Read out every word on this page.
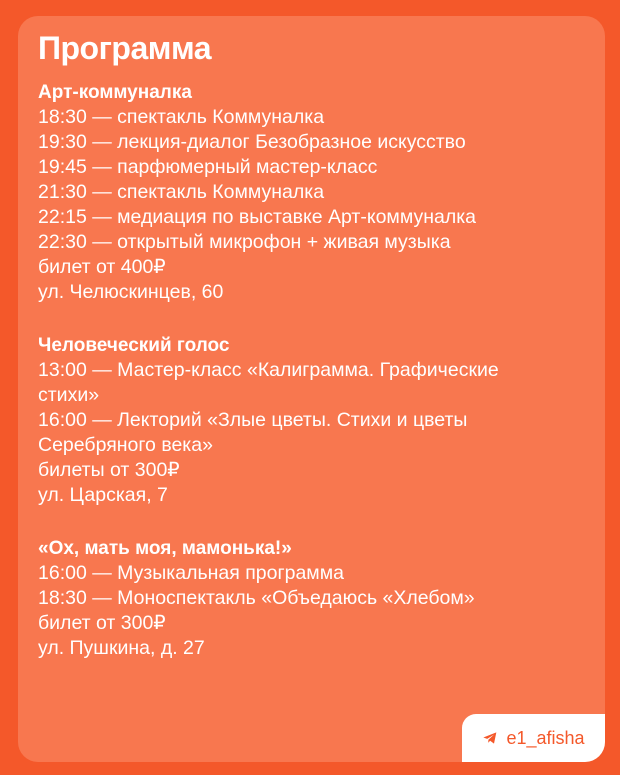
Программа

Арт-коммуналка

18:30 — спектакль Коммуналка

19:30 — лекция-диалог Безобразное искусство

19:45 — парфюмерный мастер-класс

21:30 — спектакль Коммуналка

22:15 — медиация по выставке Арт-коммуналка

22:30 — открытый микрофон + живая музыка

билет от 400₽

ул. Челюскинцев, 60

Человеческий голос

13:00 — Мастер-класс «Калиграмма. Графические

стихи»

16:00 — Лекторий «Злые цветы. Стихи и цветы

Серебряного века»

билеты от 300₽

ул. Царская, 7

«Ох, мать моя, мамонька!»

16:00 — Музыкальная программа

18:30 — Моноспектакль «Объедаюсь «Хлебом»

билет от 300₽

ул. Пушкина, д. 27

e1_afisha
